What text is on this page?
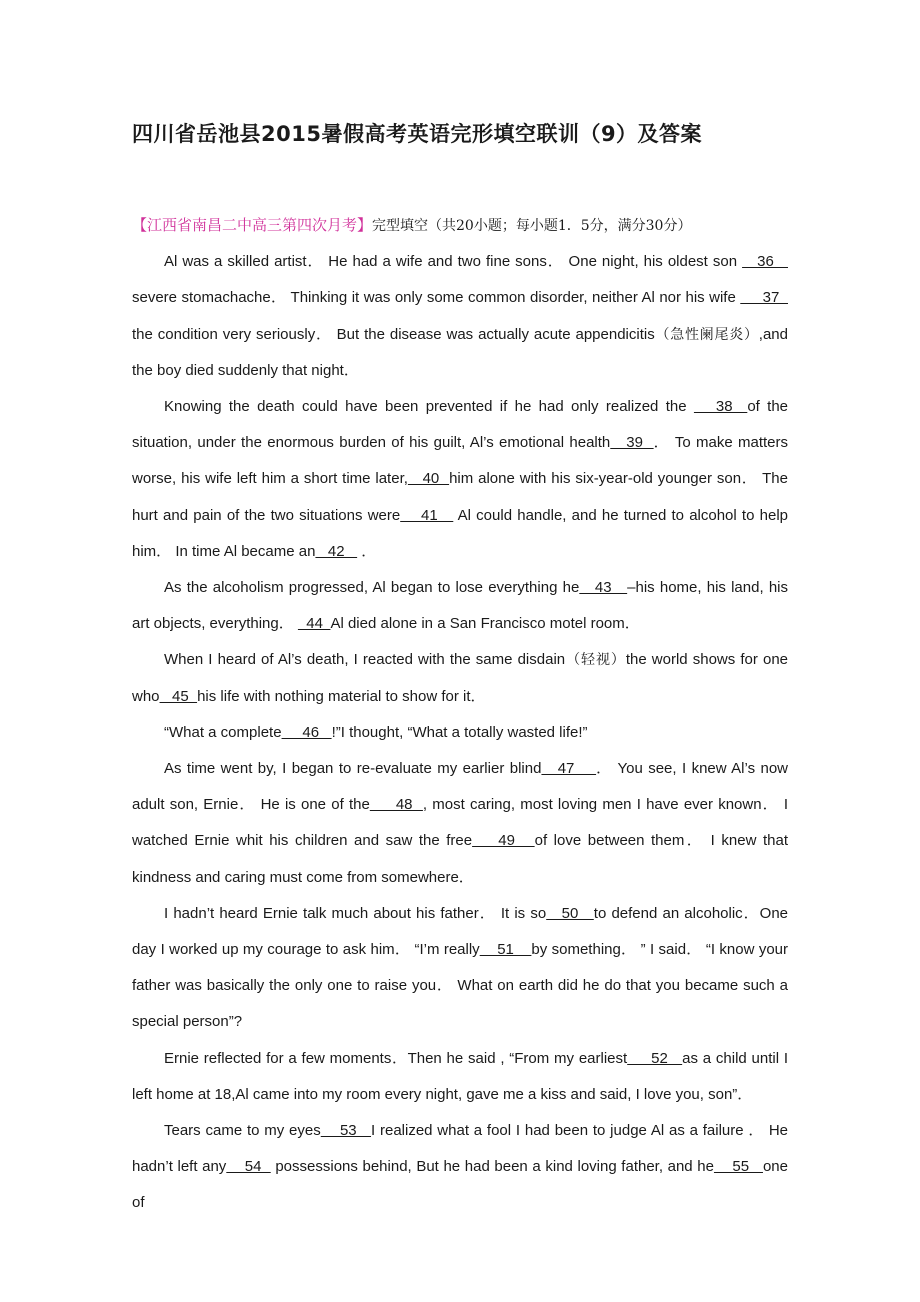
四川省岳池县2015暑假高考英语完形填空联训（9）及答案

【江西省南昌二中高三第四次月考】完型填空（共20小题；每小题1．5分，满分30分）

Al was a skilled artist． He had a wife and two fine sons． One night, his oldest son    36    severe stomachache． Thinking it was only some common disorder, neither Al nor his wife      37   the condition very seriously． But the disease was actually acute appendicitis（急性阑尾炎）,and the boy died suddenly that night．

Knowing the death could have been prevented if he had only realized the    38  of the situation, under the enormous burden of his guilt, Al’s emotional health   39  ． To make matters worse, his wife left him a short time later,   40  him alone with his six-year-old younger son． The hurt and pain of the two situations were    41    Al could handle, and he turned to alcohol to help him． In time Al became an   42    ．

As the alcoholism progressed, Al began to lose everything he   43   –his home, his land, his art objects, everything．   44  Al died alone in a San Francisco motel room．

When I heard of Al’s death, I reacted with the same disdain（轻视）the world shows for one who   45  his life with nothing material to show for it．

“What a complete     46   !”I thought, “What a totally wasted life!”

As time went by, I began to re-evaluate my earlier blind   47    ． You see, I knew Al’s now adult son, Ernie． He is one of the     48  , most caring, most loving men I have ever known． I watched Ernie whit his children and saw the free    49   of love between them． I knew that kindness and caring must come from somewhere．

I hadn’t heard Ernie talk much about his father． It is so   50   to defend an alcoholic．One day I worked up my courage to ask him． “I’m really    51    by something． ” I said． “I know your father was basically the only one to raise you． What on earth did he do that you became such a special person”?

Ernie reflected for a few moments．Then he said , “From my earliest     52   as a child until I left home at 18,Al came into my room every night, gave me a kiss and said, I love you, son”．

Tears came to my eyes    53   I realized what a fool I had been to judge Al as a failure ． He hadn’t left any    54   possessions behind, But he had been a kind loving father, and he    55   one of
